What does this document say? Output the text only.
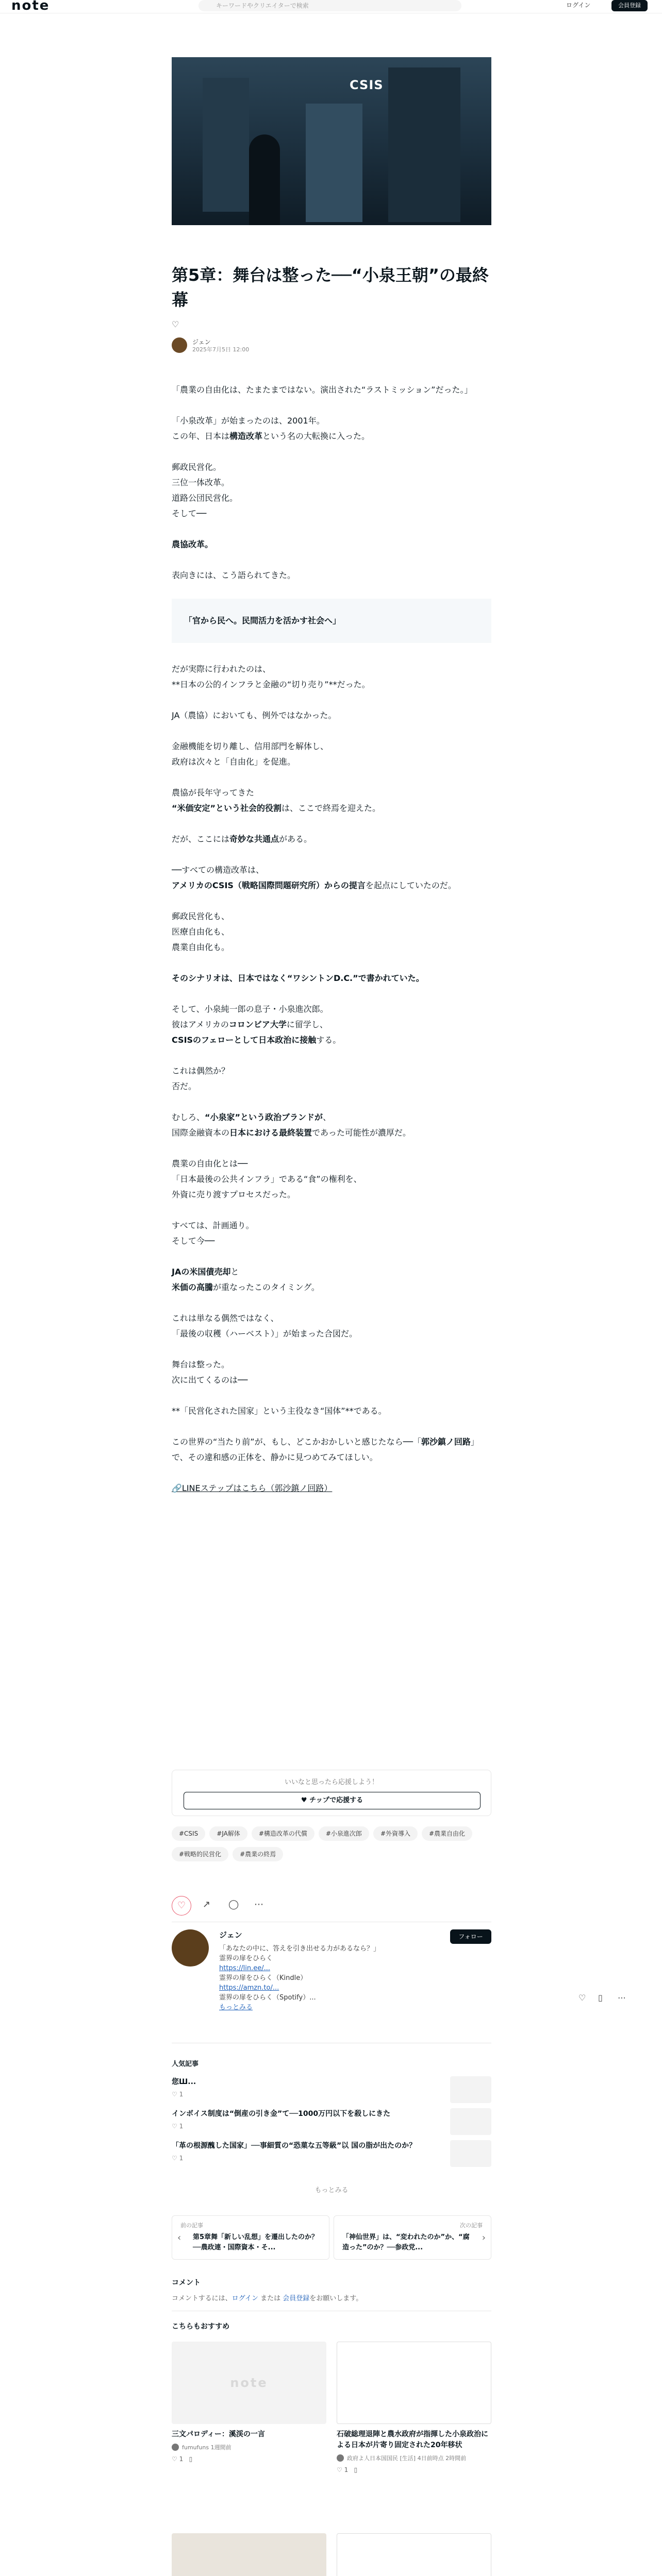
note	キーワードやクリエイターで検索	ログイン	会員登録
CSIS
第5章：舞台は整った──“小泉王朝”の最終幕
♡
ジェン
2025年7月5日 12:00

「農業の自由化は、たまたまではない。演出された“ラストミッション”だった。」

「小泉改革」が始まったのは、2001年。
この年、日本は構造改革という名の大転換に入った。

郵政民営化。
三位一体改革。
道路公団民営化。
そして──

農協改革。

表向きには、こう語られてきた。

「官から民へ。民間活力を活かす社会へ」

だが実際に行われたのは、
**日本の公的インフラと金融の“切り売り”**だった。

JA（農協）においても、例外ではなかった。

金融機能を切り離し、信用部門を解体し、
政府は次々と「自由化」を促進。

農協が長年守ってきた
“米価安定”という社会的役割は、ここで終焉を迎えた。

だが、ここには奇妙な共通点がある。

──すべての構造改革は、
アメリカのCSIS（戦略国際問題研究所）からの提言を起点にしていたのだ。

郵政民営化も、
医療自由化も、
農業自由化も。

そのシナリオは、日本ではなく“ワシントンD.C.”で書かれていた。

そして、小泉純一郎の息子・小泉進次郎。
彼はアメリカのコロンビア大学に留学し、
CSISのフェローとして日本政治に接触する。

これは偶然か？
否だ。

むしろ、“小泉家”という政治ブランドが、
国際金融資本の日本における最終装置であった可能性が濃厚だ。

農業の自由化とは──
「日本最後の公共インフラ」である“食”の権利を、
外資に売り渡すプロセスだった。

すべては、計画通り。
そして今──

JAの米国債売却と
米価の高騰が重なったこのタイミング。

これは単なる偶然ではなく、
「最後の収穫（ハーベスト）」が始まった合図だ。

舞台は整った。
次に出てくるのは──

**「民営化された国家」という主役なき“国体”**である。

この世界の“当たり前”が、もし、どこかおかしいと感じたなら──「郭沙鎮ノ回路」で、その違和感の正体を、静かに見つめてみてほしい。

🔗LINEステップはこちら（郭沙鎮ノ回路）

いいなと思ったら応援しよう！
♥ チップで応援する
#CSIS	#JA解体	#構造改革の代償	#小泉進次郎	#外資導入	#農業自由化#戦略的民営化	#農業の終焉
♡	↗ ◯ ⋯
ジェン
「あなたの中に、答えを引き出せる力があるなら？」
霊界の扉をひらく
https://lin.ee/...
霊界の扉をひらく（Kindle）
https://amzn.to/...
霊界の扉をひらく（Spotify）...
もっとみる
フォロー
♡ ▯ ⋯
人気記事
您Ш...
♡ 1
インボイス制度は“倒産の引き金”て──1000万円以下を殺しにきた
♡ 1
「革の根源醜した国家」──事細質の“恐菓な五等級”以 国の脂が出たのか？
♡ 1
もっとみる
前の記事
第5章舞「新しい乱想」を遷出したのか？──農政連・国際資本・そ...
‹
次の記事
「神仙世界」は、“変われたのか”か、“腐造った”のか？──参政党...
›
コメント

コメントするには、ログイン または 会員登録をお願いします。

こちらもおすすめ
note
三文パロディー：溪渓の一言
fumufuns 1週間前
♡ 1   ▯
石破総理退陣と農水政府が指揮した小泉政治による日本が片寄り固定された20年移状
政府よ人日本国国民 [生活] 4日前時点 2時間前
♡ 1   ▯
